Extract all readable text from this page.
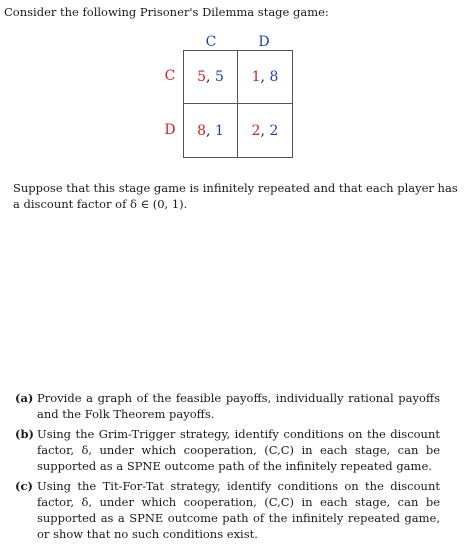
Consider the following Prisoner's Dilemma stage game:
C	D
C
D
5 , 5 1 , 8
8 , 1 2 , 2
Suppose that this stage game is infinitely repeated and that each player has a discount factor of δ ∈ (0, 1).
(a) Provide a graph of the feasible payoffs, individually rational payoffs and the Folk Theorem payoffs.
(b) Using the Grim-Trigger strategy, identify conditions on the discount factor, δ, under which cooperation, (C,C) in each stage, can be supported as a SPNE outcome path of the infinitely repeated game.
(c) Using the Tit-For-Tat strategy, identify conditions on the discount factor, δ, under which cooperation, (C,C) in each stage, can be supported as a SPNE outcome path of the infinitely repeated game, or show that no such conditions exist.
